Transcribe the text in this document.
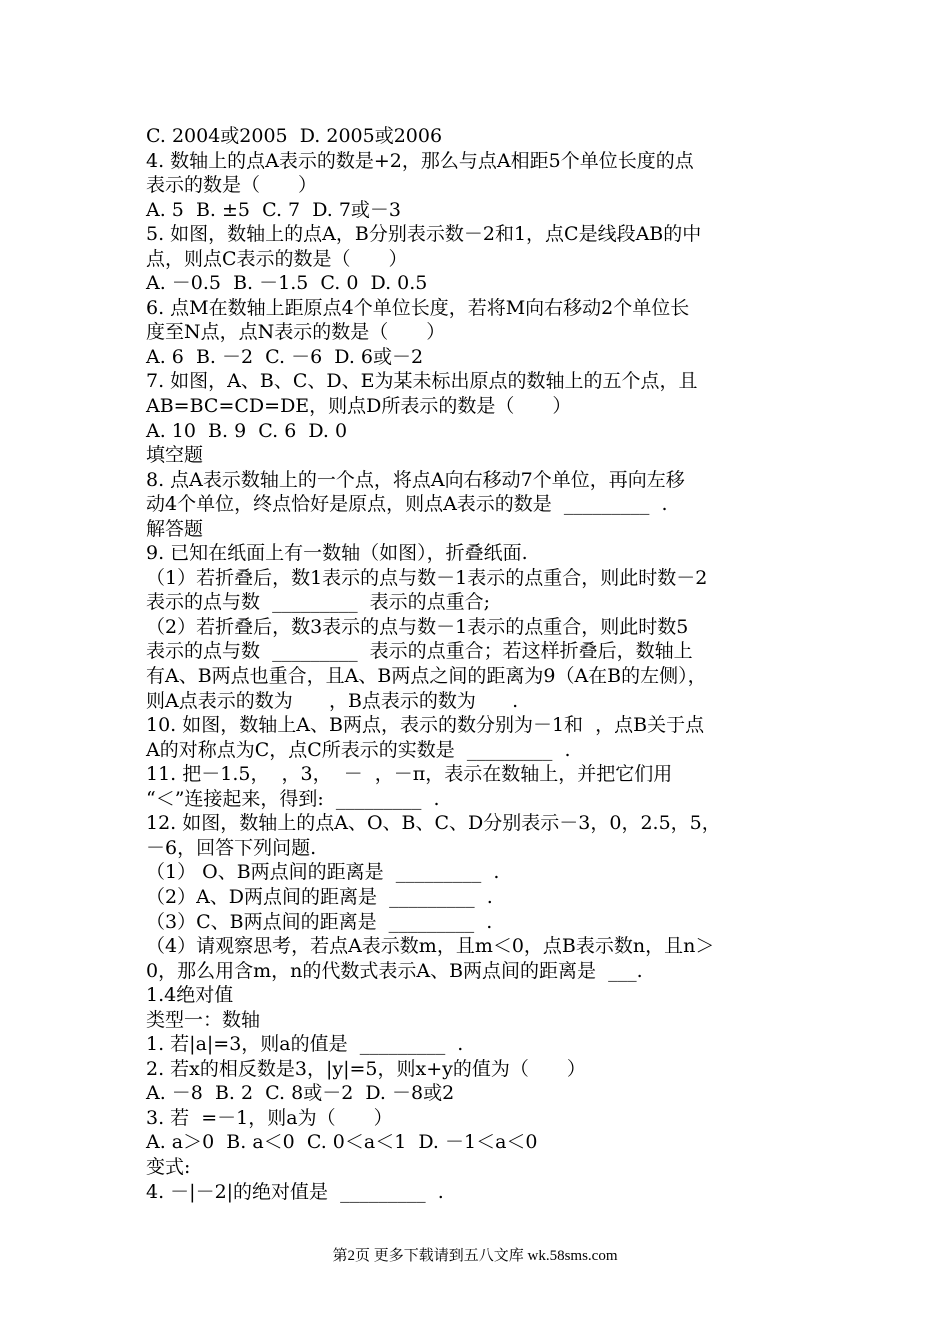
C. 2004或2005  D. 2005或2006
4. 数轴上的点A表示的数是+2，那么与点A相距5个单位长度的点
表示的数是（　　）
A. 5  B. ±5  C. 7  D. 7或－3
5. 如图，数轴上的点A，B分别表示数－2和1，点C是线段AB的中
点，则点C表示的数是（　　）
A. －0.5  B. －1.5  C. 0  D. 0.5
6. 点M在数轴上距原点4个单位长度，若将M向右移动2个单位长
度至N点，点N表示的数是（　　）
A. 6  B. －2  C. －6  D. 6或－2
7. 如图，A、B、C、D、E为某未标出原点的数轴上的五个点，且
AB=BC=CD=DE，则点D所表示的数是（　　）
A. 10  B. 9  C. 6  D. 0
填空题
8. 点A表示数轴上的一个点，将点A向右移动7个单位，再向左移
动4个单位，终点恰好是原点，则点A表示的数是  _________  .
解答题
9. 已知在纸面上有一数轴（如图），折叠纸面.
（1）若折叠后，数1表示的点与数－1表示的点重合，则此时数－2
表示的点与数  _________  表示的点重合;
（2）若折叠后，数3表示的点与数－1表示的点重合，则此时数5
表示的点与数  _________  表示的点重合；若这样折叠后，数轴上
有A、B两点也重合，且A、B两点之间的距离为9（A在B的左侧），
则A点表示的数为      ，B点表示的数为      .
10. 如图，数轴上A、B两点，表示的数分别为－1和  ，点B关于点
A的对称点为C，点C所表示的实数是  _________  .
11. 把－1.5，  ，3，  －  ，－π，表示在数轴上，并把它们用
“＜”连接起来，得到:  _________  .
12. 如图，数轴上的点A、O、B、C、D分别表示－3，0，2.5，5，
－6，回答下列问题.
（1） O、B两点间的距离是  _________  .
（2）A、D两点间的距离是  _________  .
（3）C、B两点间的距离是  _________  .
（4）请观察思考，若点A表示数m，且m＜0，点B表示数n，且n＞
0，那么用含m，n的代数式表示A、B两点间的距离是  ___.
1.4绝对值
类型一：数轴
1. 若|a|=3，则a的值是  _________  .
2. 若x的相反数是3，|y|=5，则x+y的值为（　　）
A. －8  B. 2  C. 8或－2  D. －8或2
3. 若  =－1，则a为（　　）
A. a＞0  B. a＜0  C. 0＜a＜1  D. －1＜a＜0
变式:
4. －|－2|的绝对值是  _________  .
第2页 更多下载请到五八文库 wk.58sms.com
